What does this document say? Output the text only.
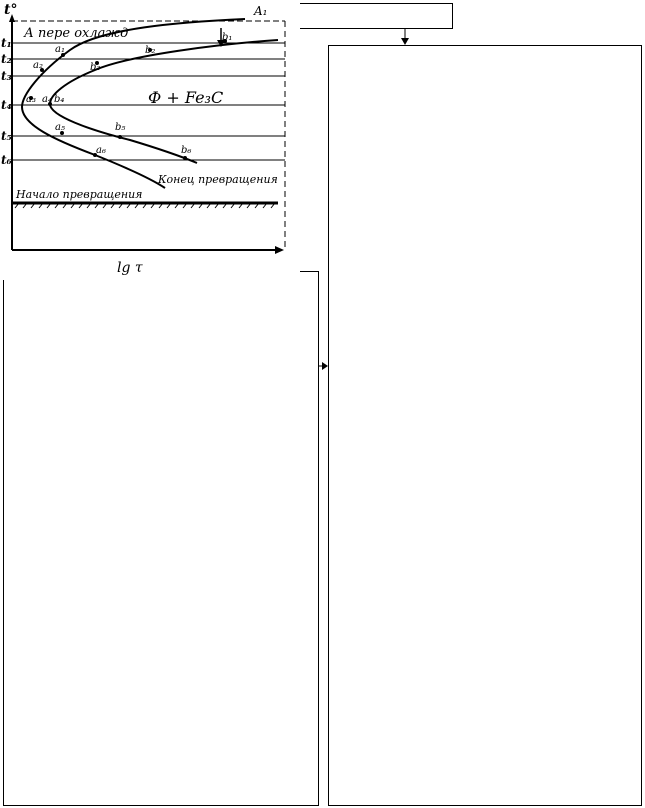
t°	A₁
lg τ
t₁
t₂
t₃
t₄
t₅
t₆
А пере охлажд
Ф + Fe₃C
Конец превращения
Начало превращения
a₁
a₂
a₃ a₄
a₅
a₆
b₁
b₂
b₃
b₄
b₅
b₆
